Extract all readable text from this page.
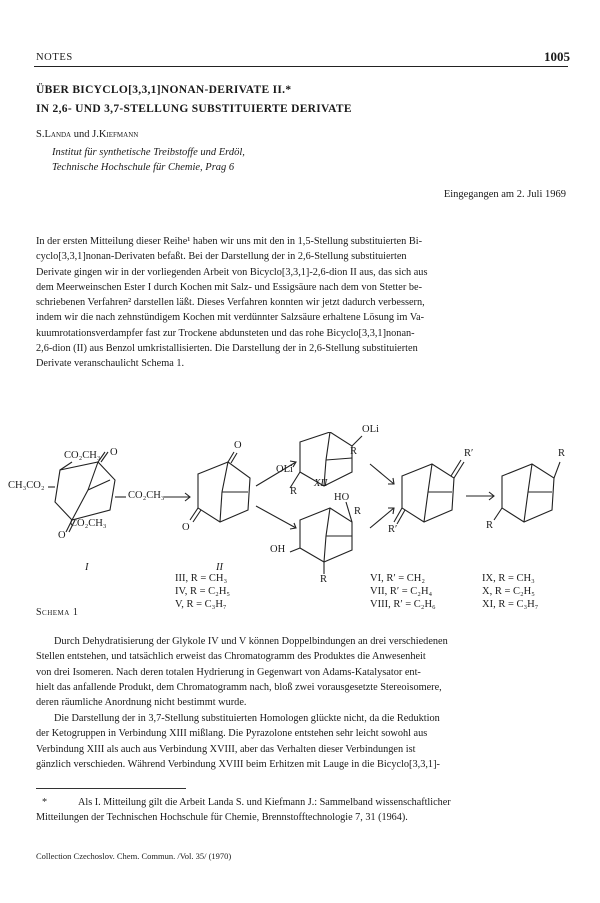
NOTES	1005
ÜBER BICYCLO[3,3,1]NONAN-DERIVATE II.*
IN 2,6- UND 3,7-STELLUNG SUBSTITUIERTE DERIVATE
S.Landa und J.Kiefmann
Institut für synthetische Treibstoffe und Erdöl,
Technische Hochschule für Chemie, Prag 6
Eingegangen am 2. Juli 1969

In der ersten Mitteilung dieser Reihe¹ haben wir uns mit den in 1,5-Stellung substituierten Bi-

cyclo[3,3,1]nonan-Derivaten befaßt. Bei der Darstellung der in 2,6-Stellung substituierten

Derivate gingen wir in der vorliegenden Arbeit von Bicyclo[3,3,1]-2,6-dion II aus, das sich aus

dem Meerweinschen Ester I durch Kochen mit Salz- und Essigsäure nach dem von Stetter be-

schriebenen Verfahren² darstellen läßt. Dieses Verfahren konnten wir jetzt dadurch verbessern,

indem wir die nach zehnstündigem Kochen mit verdünnter Salzsäure erhaltene Lösung im Va-

kuumrotationsverdampfer fast zur Trockene abdunsteten und das rohe Bicyclo[3,3,1]nonan-

2,6-dion (II) aus Benzol umkristallisierten. Die Darstellung der in 2,6-Stellung substituierten

Derivate veranschaulicht Schema 1.

CO₂CH₃ O
CH₃CO₂
CO₂CH₃
O
CO₂CH₃
I
O
O
II
OLi
R
OLi
R
XII
HO
R
OH
R
R′
R′
R
R
III, R = CH₃
IV, R = C₂H₅
V, R = C₃H₇
VI, R′ = CH₂
VII, R′ = C₂H₄
VIII, R′ = C₂H₆
IX, R = CH₃
X, R = C₂H₅
XI, R = C₃H₇
Schema 1

Durch Dehydratisierung der Glykole IV und V können Doppelbindungen an drei verschiedenen

Stellen entstehen, und tatsächlich erweist das Chromatogramm des Produktes die Anwesenheit

von drei Isomeren. Nach deren totalen Hydrierung in Gegenwart von Adams-Katalysator ent-

hielt das anfallende Produkt, dem Chromatogramm nach, bloß zwei vorausgesetzte Stereoisomere,

deren räumliche Anordnung nicht bestimmt wurde.

Die Darstellung der in 3,7-Stellung substituierten Homologen glückte nicht, da die Reduktion

der Ketogruppen in Verbindung XIII mißlang. Die Pyrazolone entstehen sehr leicht sowohl aus

Verbindung XIII als auch aus Verbindung XVIII, aber das Verhalten dieser Verbindungen ist

gänzlich verschieden. Während Verbindung XVIII beim Erhitzen mit Lauge in die Bicyclo[3,3,1]-

*	Als I. Mitteilung gilt die Arbeit Landa S. und Kiefmann J.: Sammelband wissenschaftlicher
Mitteilungen der Technischen Hochschule für Chemie, Brennstofftechnologie 7, 31 (1964).
Collection Czechoslov. Chem. Commun. /Vol. 35/ (1970)
